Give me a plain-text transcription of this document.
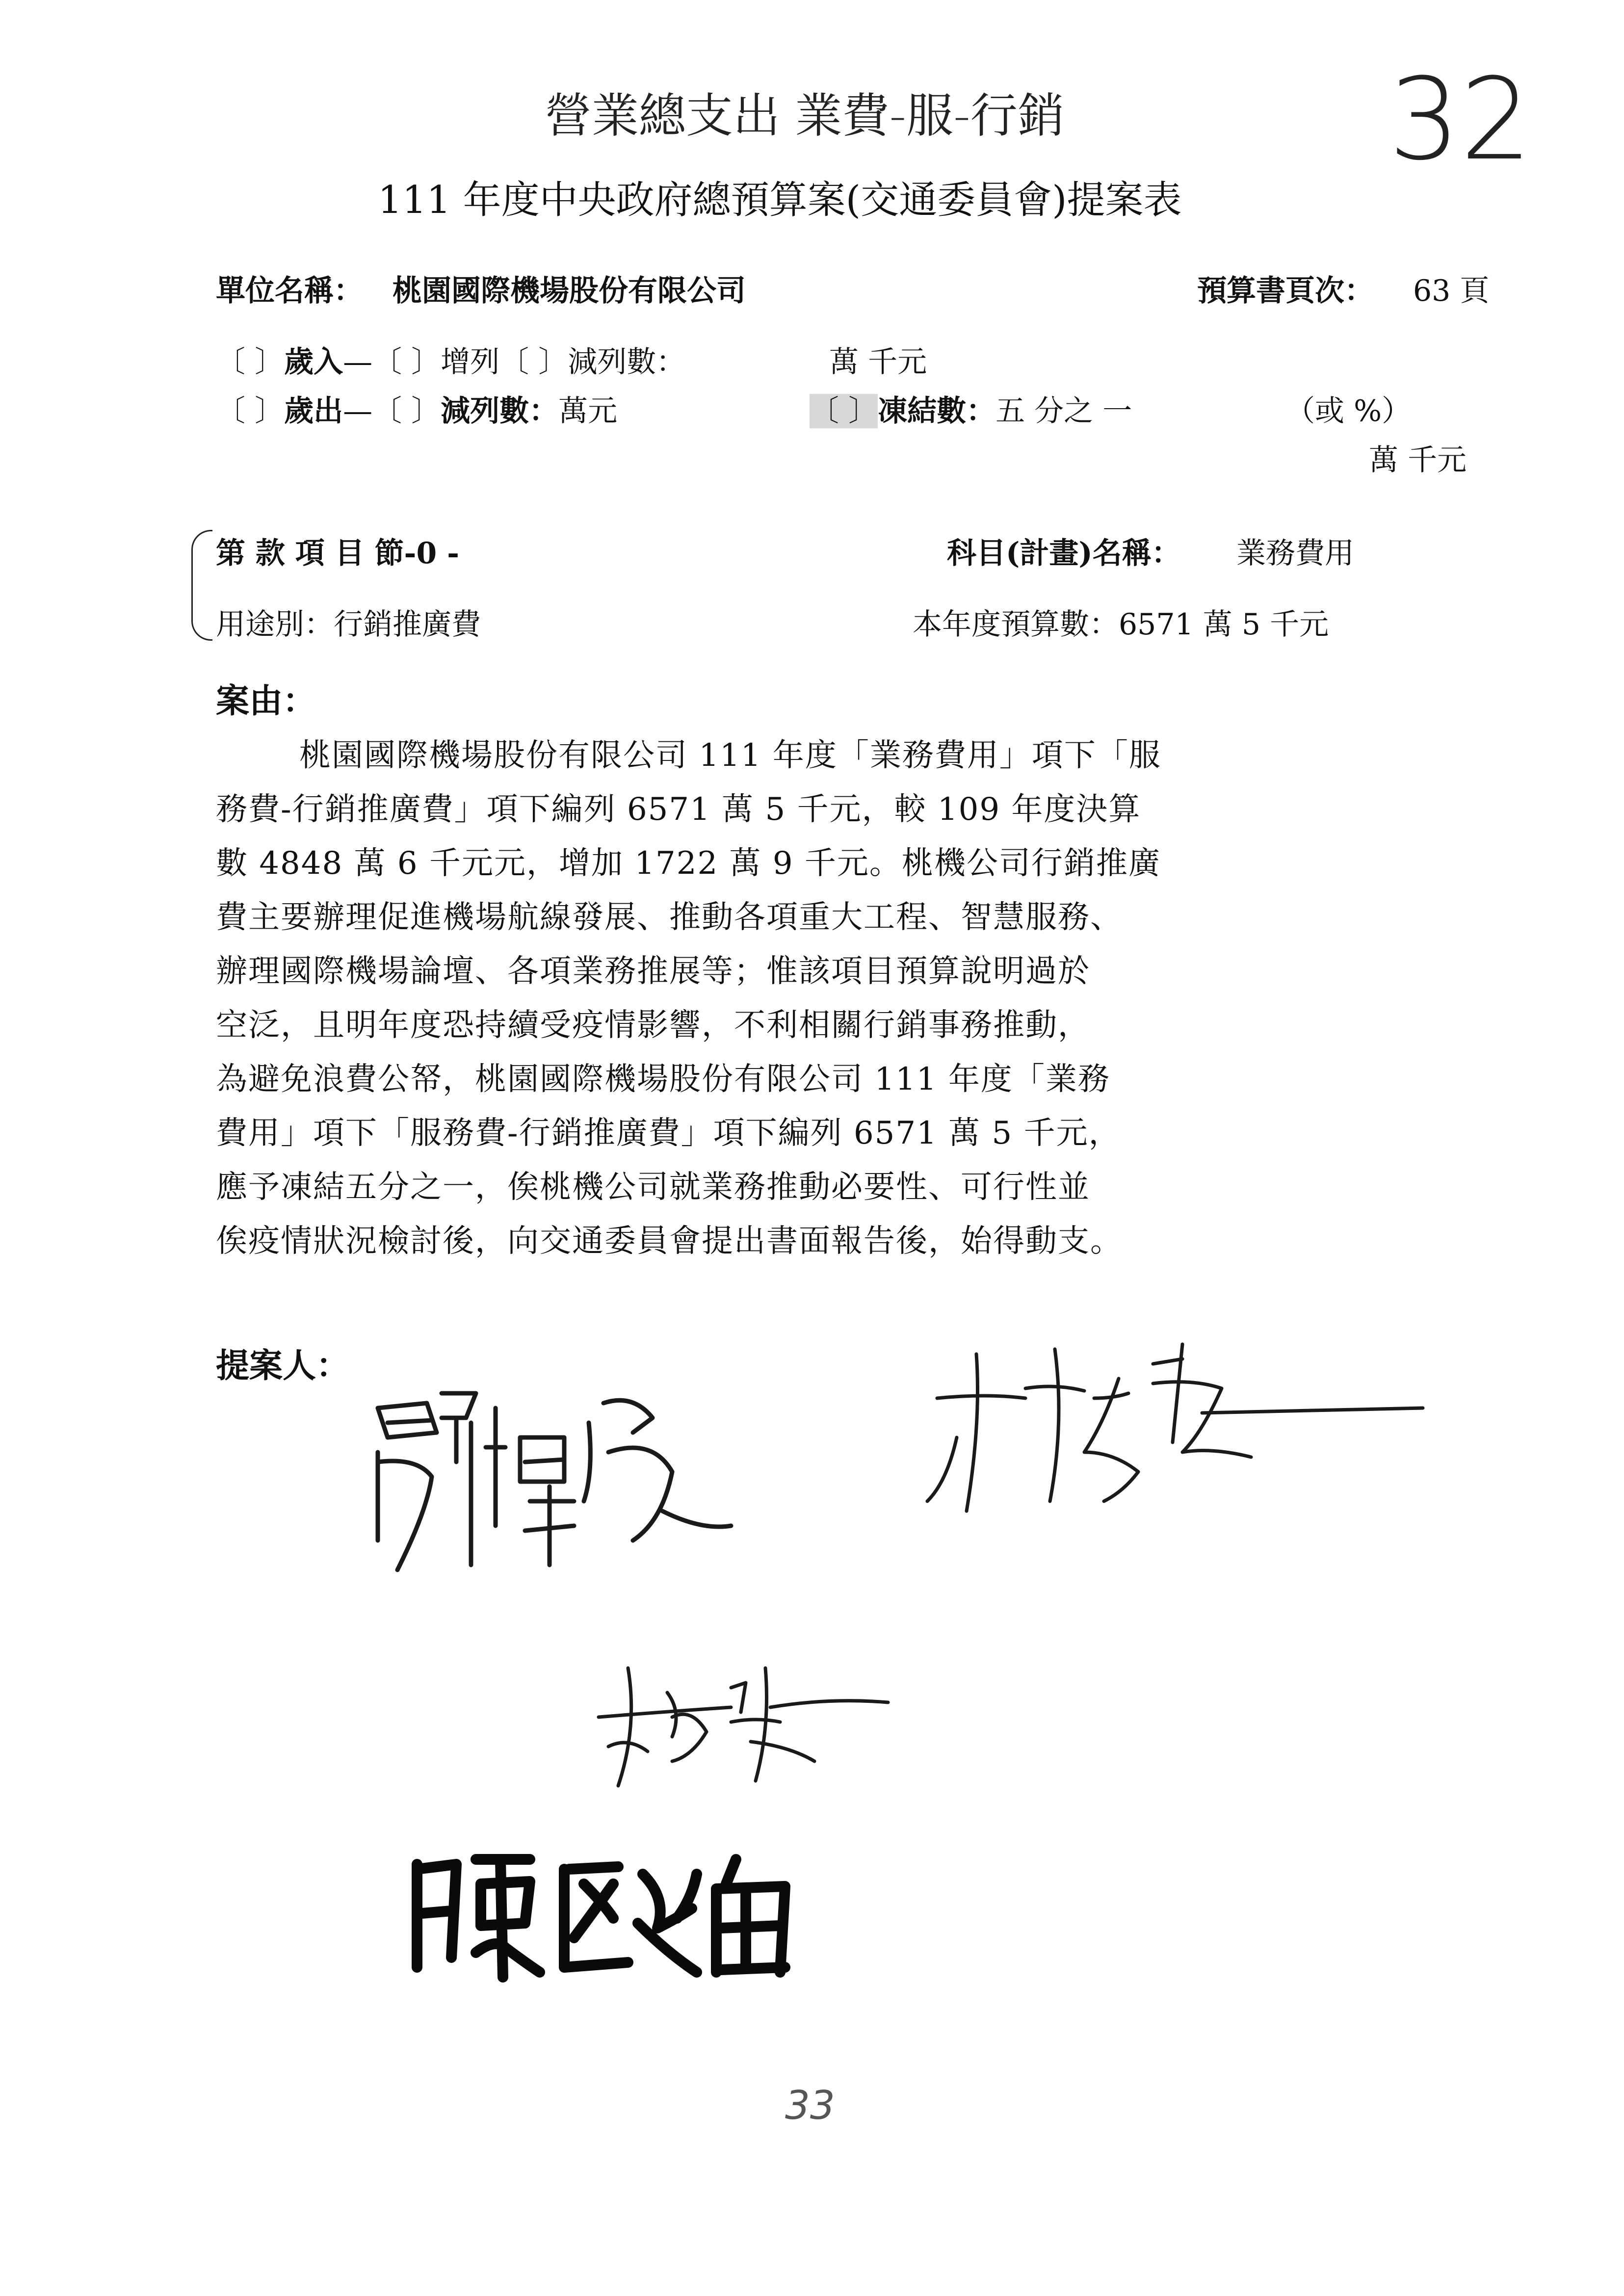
營業總支出 業費-服-行銷	32
111 年度中央政府總預算案(交通委員會)提案表
單位名稱： 桃園國際機場股份有限公司	預算書頁次： 63 頁
〔 〕歲入—〔 〕增列〔 〕減列數：	萬 千元
〔 〕歲出—〔 〕減列數：萬元	〔 〕凍結數：五 分之 一	（或 %）
萬 千元
第 款 項 目 節-0 -	科目(計畫)名稱： 業務費用
用途別：行銷推廣費	本年度預算數：6571 萬 5 千元
案由：
桃園國際機場股份有限公司 111 年度「業務費用」項下「服
務費-行銷推廣費」項下編列 6571 萬 5 千元，較 109 年度決算
數 4848 萬 6 千元元，增加 1722 萬 9 千元。桃機公司行銷推廣
費主要辦理促進機場航線發展、推動各項重大工程、智慧服務、
辦理國際機場論壇、各項業務推展等；惟該項目預算說明過於
空泛，且明年度恐持續受疫情影響，不利相關行銷事務推動，
為避免浪費公帑，桃園國際機場股份有限公司 111 年度「業務
費用」項下「服務費-行銷推廣費」項下編列 6571 萬 5 千元，
應予凍結五分之一，俟桃機公司就業務推動必要性、可行性並
俟疫情狀況檢討後，向交通委員會提出書面報告後，始得動支。
提案人：
33
